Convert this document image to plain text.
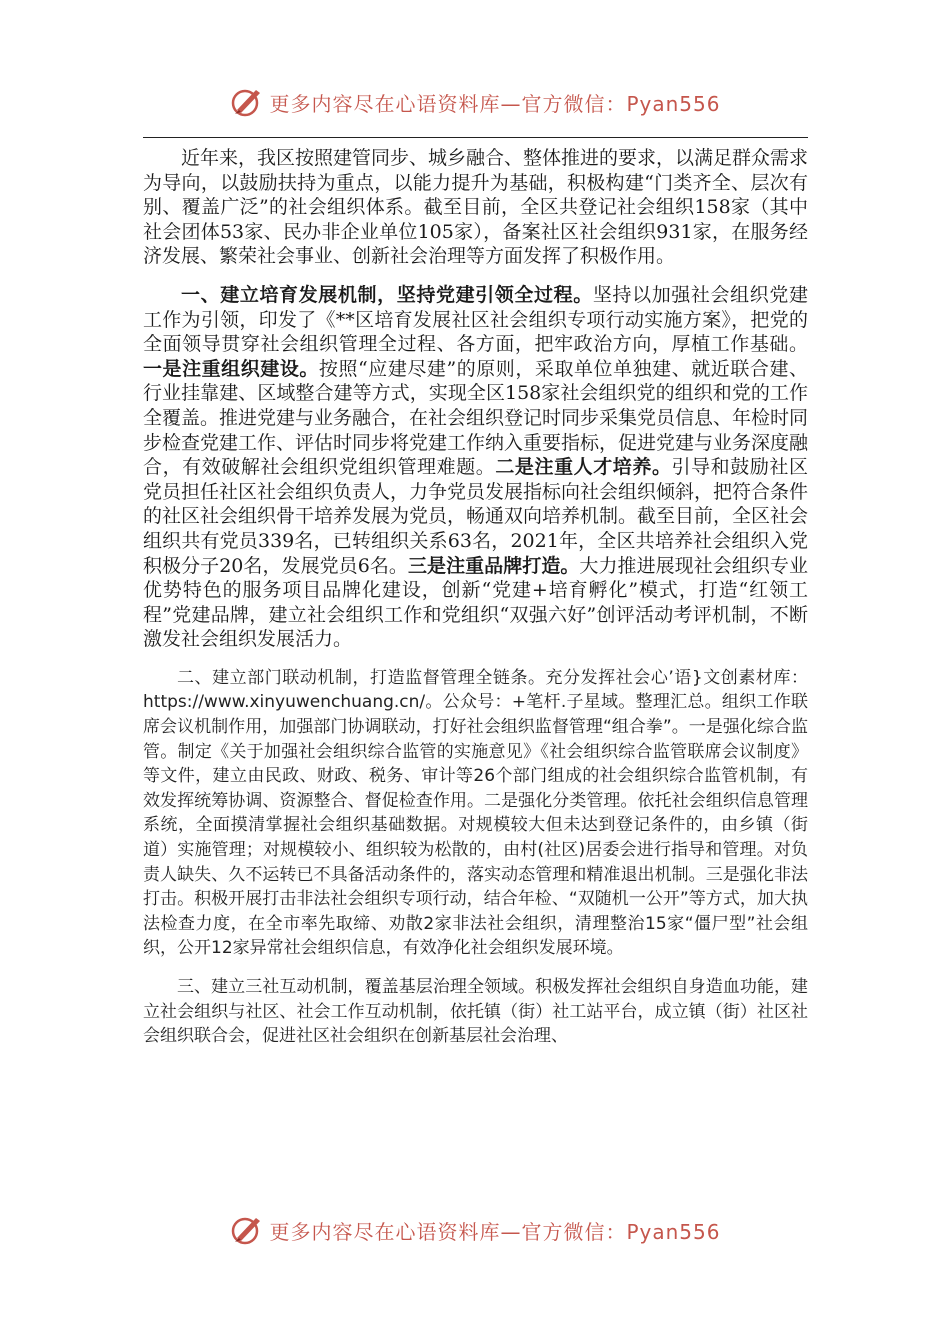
更多内容尽在心语资料库—官方微信：Pyan556

近年来，我区按照建管同步、城乡融合、整体推进的要求，以满足群众需求为导向，以鼓励扶持为重点，以能力提升为基础，积极构建“门类齐全、层次有别、覆盖广泛”的社会组织体系。截至目前，全区共登记社会组织158家（其中社会团体53家、民办非企业单位105家），备案社区社会组织931家，在服务经济发展、繁荣社会事业、创新社会治理等方面发挥了积极作用。

一、建立培育发展机制，坚持党建引领全过程。坚持以加强社会组织党建工作为引领，印发了《**区培育发展社区社会组织专项行动实施方案》，把党的全面领导贯穿社会组织管理全过程、各方面，把牢政治方向，厚植工作基础。一是注重组织建设。按照“应建尽建”的原则，采取单位单独建、就近联合建、行业挂靠建、区域整合建等方式，实现全区158家社会组织党的组织和党的工作全覆盖。推进党建与业务融合，在社会组织登记时同步采集党员信息、年检时同步检查党建工作、评估时同步将党建工作纳入重要指标，促进党建与业务深度融合，有效破解社会组织党组织管理难题。二是注重人才培养。引导和鼓励社区党员担任社区社会组织负责人，力争党员发展指标向社会组织倾斜，把符合条件的社区社会组织骨干培养发展为党员，畅通双向培养机制。截至目前，全区社会组织共有党员339名，已转组织关系63名，2021年，全区共培养社会组织入党积极分子20名，发展党员6名。三是注重品牌打造。大力推进展现社会组织专业优势特色的服务项目品牌化建设，创新“党建+培育孵化”模式，打造“红领工程”党建品牌，建立社会组织工作和党组织“双强六好”创评活动考评机制，不断激发社会组织发展活力。

二、建立部门联动机制，打造监督管理全链条。充分发挥社会心’语}文创素材库：https://www.xinyuwenchuang.cn/。公众号：+笔杆.子星域。整理汇总。组织工作联席会议机制作用，加强部门协调联动，打好社会组织监督管理“组合拳”。一是强化综合监管。制定《关于加强社会组织综合监管的实施意见》《社会组织综合监管联席会议制度》等文件，建立由民政、财政、税务、审计等26个部门组成的社会组织综合监管机制，有效发挥统筹协调、资源整合、督促检查作用。二是强化分类管理。依托社会组织信息管理系统，全面摸清掌握社会组织基础数据。对规模较大但未达到登记条件的，由乡镇（街道）实施管理；对规模较小、组织较为松散的，由村(社区)居委会进行指导和管理。对负责人缺失、久不运转已不具备活动条件的，落实动态管理和精准退出机制。三是强化非法打击。积极开展打击非法社会组织专项行动，结合年检、“双随机一公开”等方式，加大执法检查力度，在全市率先取缔、劝散2家非法社会组织，清理整治15家“僵尸型”社会组织，公开12家异常社会组织信息，有效净化社会组织发展环境。

三、建立三社互动机制，覆盖基层治理全领域。积极发挥社会组织自身造血功能，建立社会组织与社区、社会工作互动机制，依托镇（街）社工站平台，成立镇（街）社区社会组织联合会，促进社区社会组织在创新基层社会治理、

更多内容尽在心语资料库—官方微信：Pyan556
